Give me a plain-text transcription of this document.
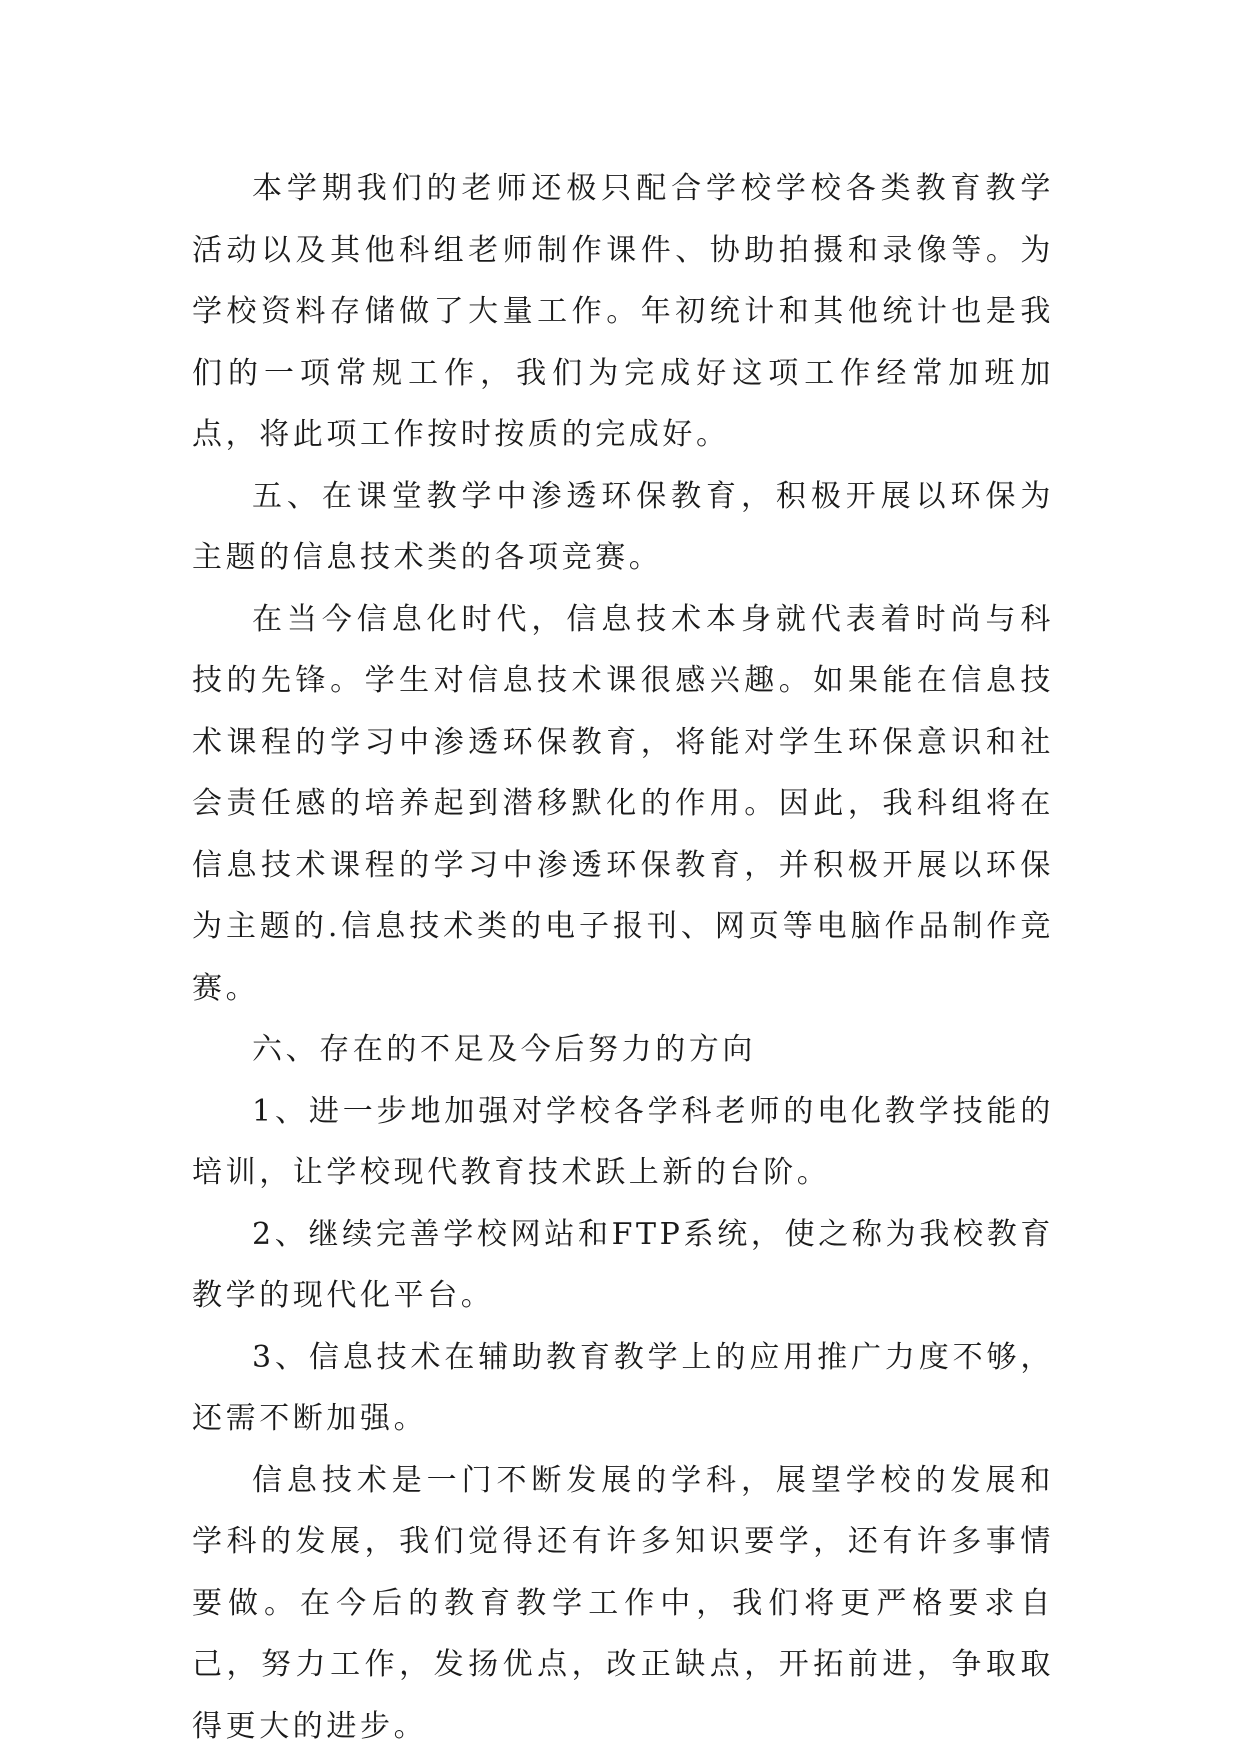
本学期我们的老师还极只配合学校学校各类教育教学活动以及其他科组老师制作课件、协助拍摄和录像等。为学校资料存储做了大量工作。年初统计和其他统计也是我们的一项常规工作，我们为完成好这项工作经常加班加点，将此项工作按时按质的完成好。

五、在课堂教学中渗透环保教育，积极开展以环保为主题的信息技术类的各项竞赛。

在当今信息化时代，信息技术本身就代表着时尚与科技的先锋。学生对信息技术课很感兴趣。如果能在信息技术课程的学习中渗透环保教育，将能对学生环保意识和社会责任感的培养起到潜移默化的作用。因此，我科组将在信息技术课程的学习中渗透环保教育，并积极开展以环保为主题的.信息技术类的电子报刊、网页等电脑作品制作竞赛。

六、存在的不足及今后努力的方向

1、进一步地加强对学校各学科老师的电化教学技能的培训，让学校现代教育技术跃上新的台阶。

2、继续完善学校网站和FTP系统，使之称为我校教育教学的现代化平台。

3、信息技术在辅助教育教学上的应用推广力度不够，还需不断加强。

信息技术是一门不断发展的学科，展望学校的发展和学科的发展，我们觉得还有许多知识要学，还有许多事情要做。在今后的教育教学工作中，我们将更严格要求自己，努力工作，发扬优点，改正缺点，开拓前进，争取取得更大的进步。
